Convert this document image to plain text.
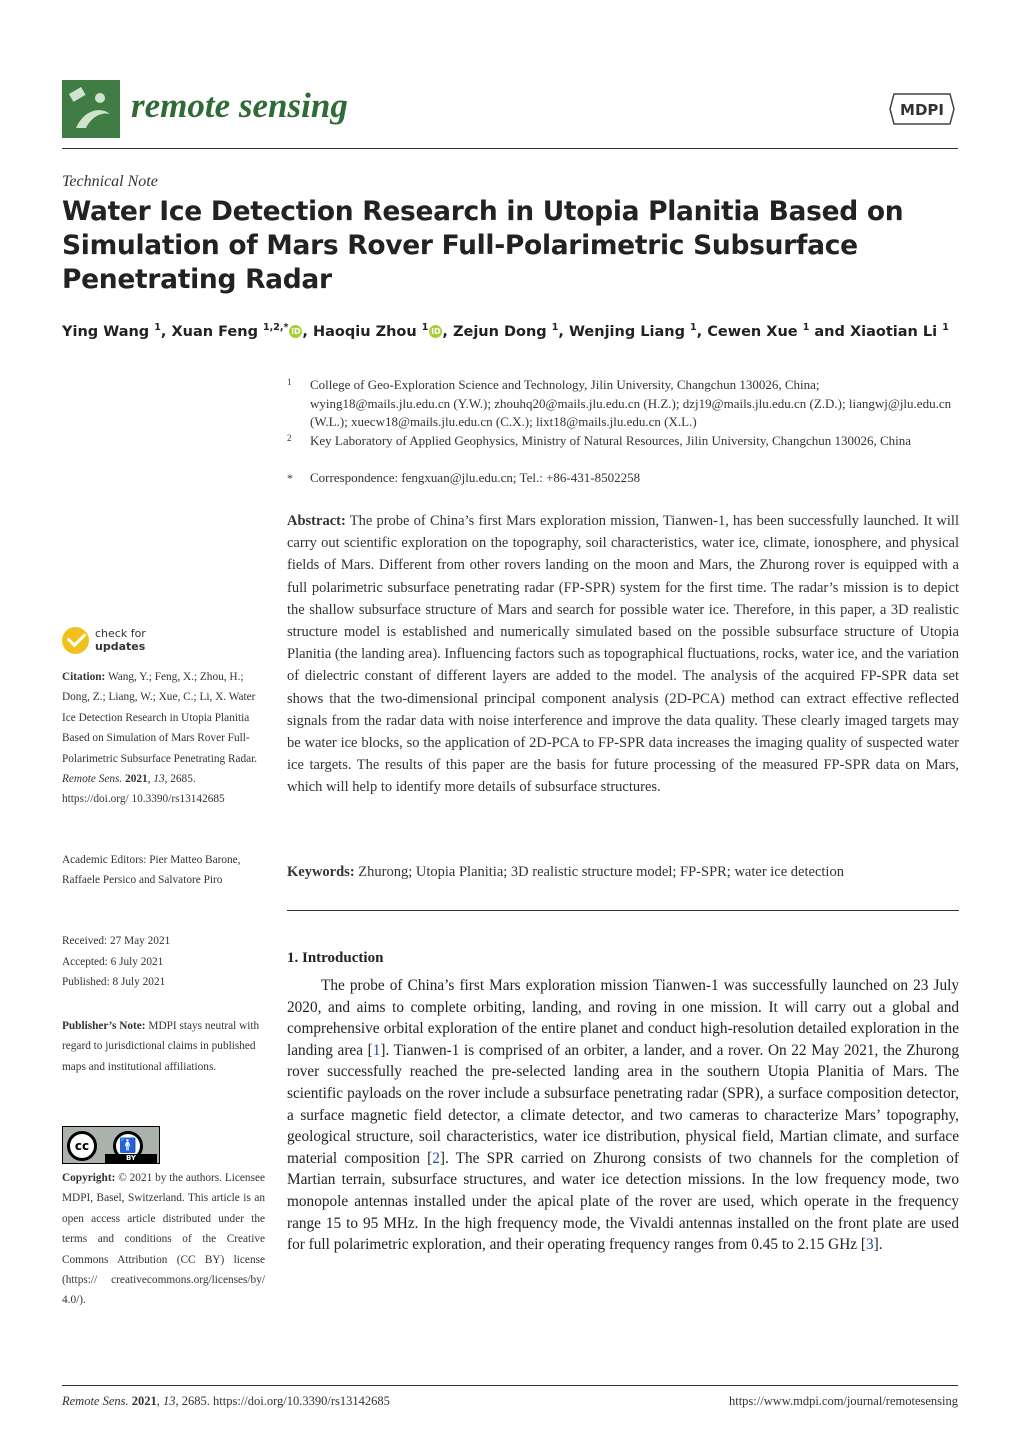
remote sensing	MDPI
Technical Note
Water Ice Detection Research in Utopia Planitia Based on Simulation of Mars Rover Full-Polarimetric Subsurface Penetrating Radar
Ying Wang $^1$, Xuan Feng $^{1,2,*}$ iD , Haoqiu Zhou $^1$ iD , Zejun Dong $^1$, Wenjing Liang $^1$, Cewen Xue $^1$ and Xiaotian Li $^1$
1 College of Geo-Exploration Science and Technology, Jilin University, Changchun 130026, China; wying18@mails.jlu.edu.cn (Y.W.); zhouhq20@mails.jlu.edu.cn (H.Z.); dzj19@mails.jlu.edu.cn (Z.D.); liangwj@jlu.edu.cn (W.L.); xuecw18@mails.jlu.edu.cn (C.X.); lixt18@mails.jlu.edu.cn (X.L.)
2 Key Laboratory of Applied Geophysics, Ministry of Natural Resources, Jilin University, Changchun 130026, China
* Correspondence: fengxuan@jlu.edu.cn; Tel.: +86-431-8502258
Abstract: The probe of China’s first Mars exploration mission, Tianwen-1, has been successfully launched. It will carry out scientific exploration on the topography, soil characteristics, water ice, climate, ionosphere, and physical fields of Mars. Different from other rovers landing on the moon and Mars, the Zhurong rover is equipped with a full polarimetric subsurface penetrating radar (FP-SPR) system for the first time. The radar’s mission is to depict the shallow subsurface structure of Mars and search for possible water ice. Therefore, in this paper, a 3D realistic structure model is established and numerically simulated based on the possible subsurface structure of Utopia Planitia (the landing area). Influencing factors such as topographical fluctuations, rocks, water ice, and the variation of dielectric constant of different layers are added to the model. The analysis of the acquired FP-SPR data set shows that the two-dimensional principal component analysis (2D-PCA) method can extract effective reflected signals from the radar data with noise interference and improve the data quality. These clearly imaged targets may be water ice blocks, so the application of 2D-PCA to FP-SPR data increases the imaging quality of suspected water ice targets. The results of this paper are the basis for future processing of the measured FP-SPR data on Mars, which will help to identify more details of subsurface structures.
Keywords: Zhurong; Utopia Planitia; 3D realistic structure model; FP-SPR; water ice detection
1. Introduction
The probe of China’s first Mars exploration mission Tianwen-1 was successfully launched on 23 July 2020, and aims to complete orbiting, landing, and roving in one mission. It will carry out a global and comprehensive orbital exploration of the entire planet and conduct high-resolution detailed exploration in the landing area [1]. Tianwen-1 is comprised of an orbiter, a lander, and a rover. On 22 May 2021, the Zhurong rover successfully reached the pre-selected landing area in the southern Utopia Planitia of Mars. The scientific payloads on the rover include a subsurface penetrating radar (SPR), a surface composition detector, a surface magnetic field detector, a climate detector, and two cameras to characterize Mars’ topography, geological structure, soil characteristics, water ice distribution, physical field, Martian climate, and surface material composition [2]. The SPR carried on Zhurong consists of two channels for the completion of Martian terrain, subsurface structures, and water ice detection missions. In the low frequency mode, two monopole antennas installed under the apical plate of the rover are used, which operate in the frequency range 15 to 95 MHz. In the high frequency mode, the Vivaldi antennas installed on the front plate are used for full polarimetric exploration, and their operating frequency ranges from 0.45 to 2.15 GHz [3].
check for
updates
Citation: Wang, Y.; Feng, X.; Zhou, H.; Dong, Z.; Liang, W.; Xue, C.; Li, X. Water Ice Detection Research in Utopia Planitia Based on Simulation of Mars Rover Full-Polarimetric Subsurface Penetrating Radar. Remote Sens. 2021, 13, 2685. https://doi.org/ 10.3390/rs13142685
Academic Editors: Pier Matteo Barone, Raffaele Persico and Salvatore Piro
Received: 27 May 2021
Accepted: 6 July 2021
Published: 8 July 2021
Publisher’s Note: MDPI stays neutral with regard to jurisdictional claims in published maps and institutional affiliations.
cc	🚹
BY
Copyright: © 2021 by the authors. Licensee MDPI, Basel, Switzerland. This article is an open access article distributed under the terms and conditions of the Creative Commons Attribution (CC BY) license (https:// creativecommons.org/licenses/by/ 4.0/).
Remote Sens. 2021, 13, 2685. https://doi.org/10.3390/rs13142685	https://www.mdpi.com/journal/remotesensing
